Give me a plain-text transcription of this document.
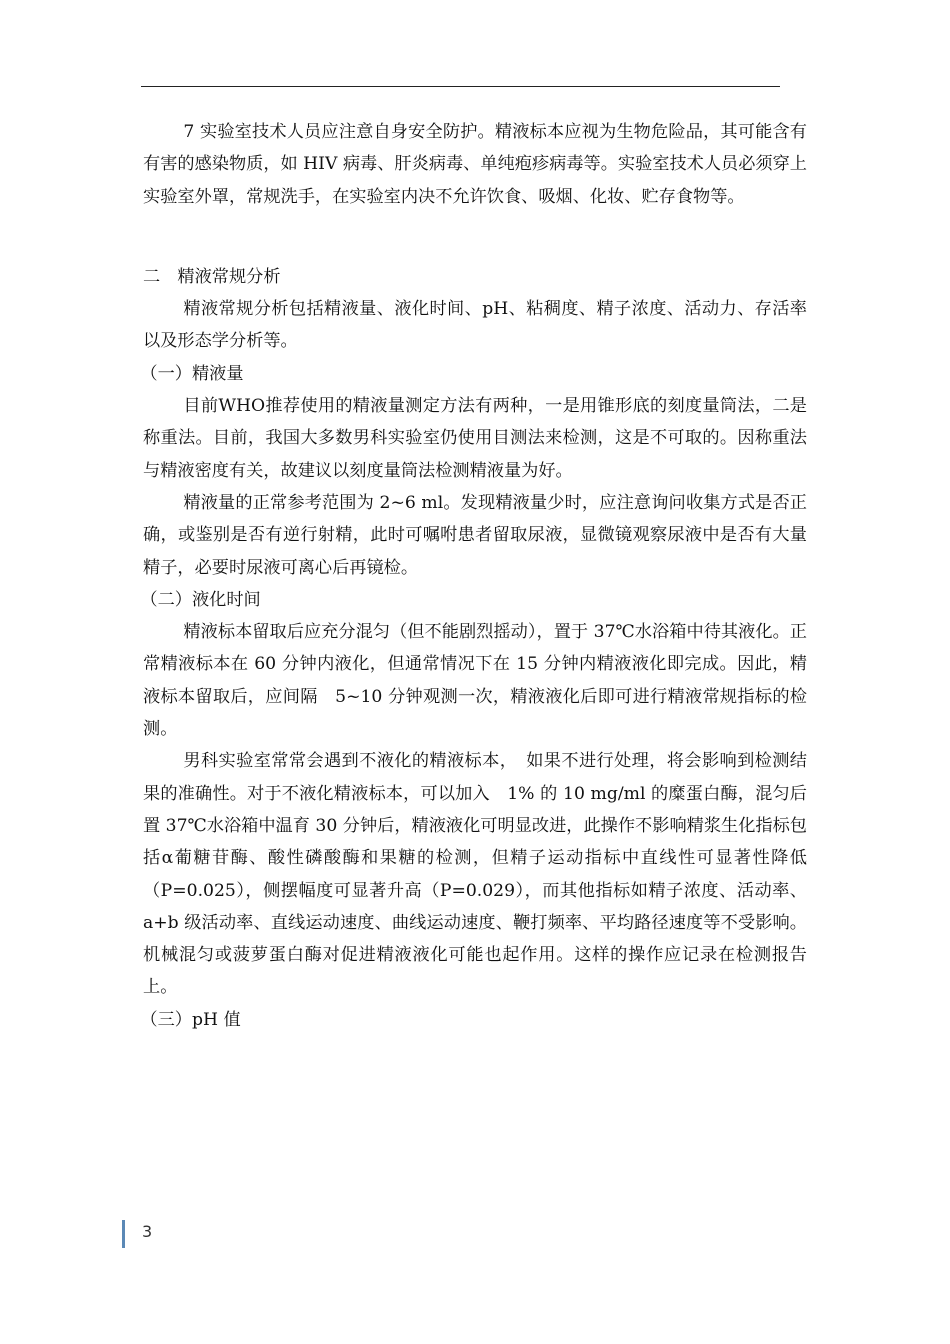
7 实验室技术人员应注意自身安全防护。精液标本应视为生物危险品，其可能含有有害的感染物质，如 HIV 病毒、肝炎病毒、单纯疱疹病毒等。实验室技术人员必须穿上实验室外罩，常规洗手，在实验室内决不允许饮食、吸烟、化妆、贮存食物等。

二　精液常规分析

精液常规分析包括精液量、液化时间、pH、粘稠度、精子浓度、活动力、存活率以及形态学分析等。

（一）精液量

目前WHO推荐使用的精液量测定方法有两种，一是用锥形底的刻度量筒法，二是称重法。目前，我国大多数男科实验室仍使用目测法来检测，这是不可取的。因称重法与精液密度有关，故建议以刻度量筒法检测精液量为好。

精液量的正常参考范围为 2~6 ml。发现精液量少时，应注意询问收集方式是否正确，或鉴别是否有逆行射精，此时可嘱咐患者留取尿液，显微镜观察尿液中是否有大量精子，必要时尿液可离心后再镜检。

（二）液化时间

精液标本留取后应充分混匀（但不能剧烈摇动），置于 37℃水浴箱中待其液化。正常精液标本在 60 分钟内液化，但通常情况下在 15 分钟内精液液化即完成。因此，精液标本留取后，应间隔　5~10 分钟观测一次，精液液化后即可进行精液常规指标的检测。

男科实验室常常会遇到不液化的精液标本，　如果不进行处理，将会影响到检测结果的准确性。对于不液化精液标本，可以加入　1% 的 10 mg/ml 的糜蛋白酶，混匀后置 37℃水浴箱中温育 30 分钟后，精液液化可明显改进，此操作不影响精浆生化指标包括α葡糖苷酶、酸性磷酸酶和果糖的检测，但精子运动指标中直线性可显著性降低（P=0.025），侧摆幅度可显著升高（P=0.029），而其他指标如精子浓度、活动率、a+b 级活动率、直线运动速度、曲线运动速度、鞭打频率、平均路径速度等不受影响。机械混匀或菠萝蛋白酶对促进精液液化可能也起作用。这样的操作应记录在检测报告上。

（三）pH 值

3
